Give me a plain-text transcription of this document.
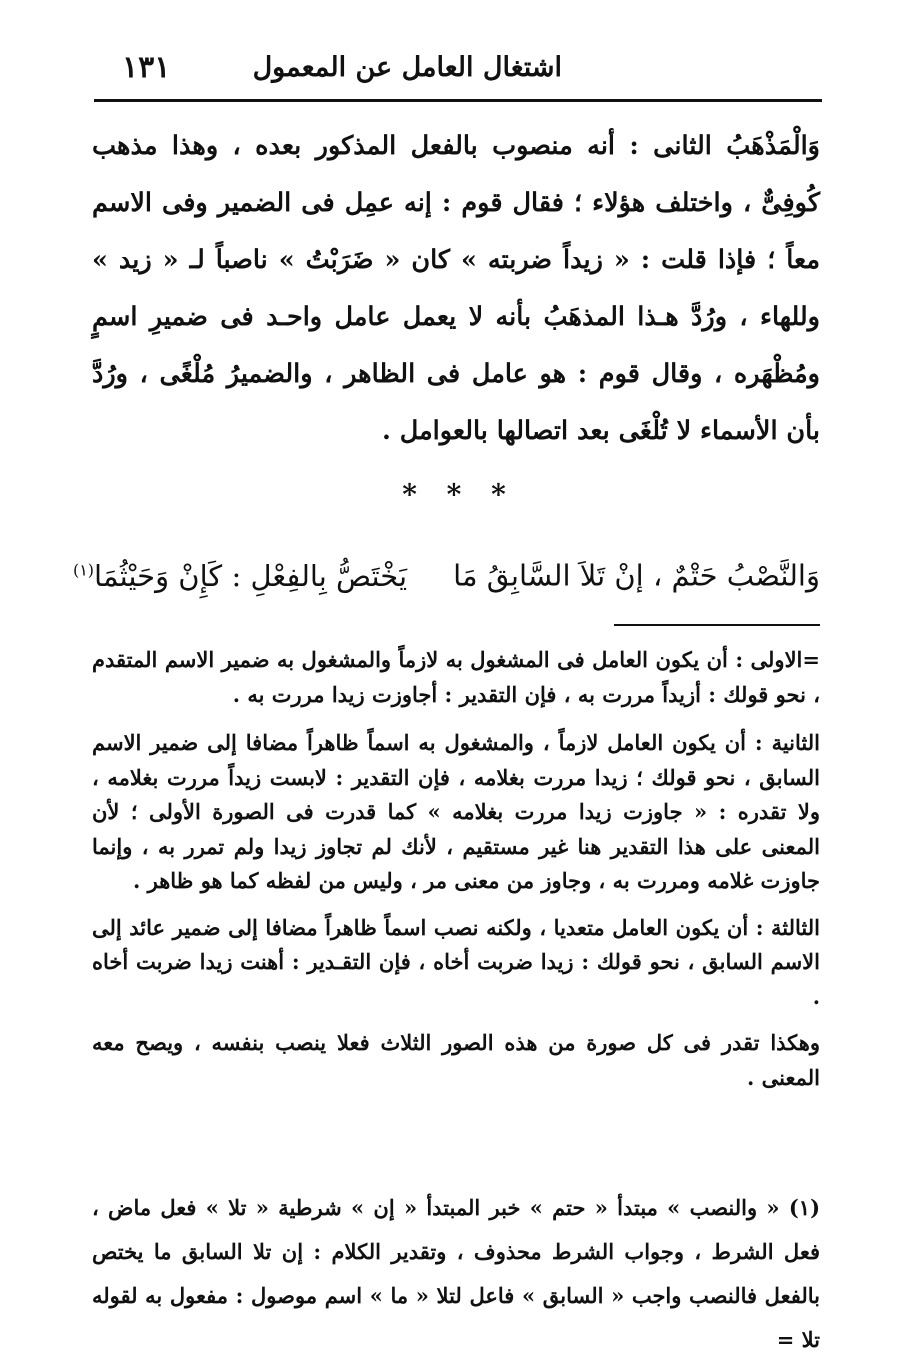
اشتغال العامل عن المعمول
١٣١

وَالْمَذْهَبُ الثانى : أنه منصوب بالفعل المذكور بعده ، وهذا مذهب كُوفِىٌّ ، واختلف هؤلاء ؛ فقال قوم : إنه عمِل فى الضمير وفى الاسم معاً ؛ فإذا قلت : « زيداً ضربته » كان « ضَرَبْتُ » ناصباً لـ « زيد » وللهاء ، ورُدَّ هـذا المذهَبُ بأنه لا يعمل عامل واحـد فى ضميرِ اسمٍ ومُظْهَره ، وقال قوم : هو عامل فى الظاهر ، والضميرُ مُلْغًى ، ورُدَّ بأن الأسماء لا تُلْغَى بعد اتصالها بالعوامل .

* * *
وَالنَّصْبُ حَتْمٌ ، إنْ تَلاَ السَّابِقُ مَايَخْتَصُّ بِالفِعْلِ : كَإِنْ وَحَيْثُمَا$^{(١)}$

=الاولى : أن يكون العامل فى المشغول به لازماً والمشغول به ضمير الاسم المتقدم ، نحو قولك : أزيداً مررت به ، فإن التقدير : أجاوزت زيدا مررت به .

الثانية : أن يكون العامل لازماً ، والمشغول به اسماً ظاهراً مضافا إلى ضمير الاسم السابق ، نحو قولك ؛ زيدا مررت بغلامه ، فإن التقدير : لابست زيداً مررت بغلامه ، ولا تقدره : « جاوزت زيدا مررت بغلامه » كما قدرت فى الصورة الأولى ؛ لأن المعنى على هذا التقدير هنا غير مستقيم ، لأنك لم تجاوز زيدا ولم تمرر به ، وإنما جاوزت غلامه ومررت به ، وجاوز من معنى مر ، وليس من لفظه كما هو ظاهر .

الثالثة : أن يكون العامل متعديا ، ولكنه نصب اسماً ظاهراً مضافا إلى ضمير عائد إلى الاسم السابق ، نحو قولك : زيدا ضربت أخاه ، فإن التقـدير : أهنت زيدا ضربت أخاه .

وهكذا تقدر فى كل صورة من هذه الصور الثلاث فعلا ينصب بنفسه ، ويصح معه المعنى .

(١) « والنصب » مبتدأ « حتم » خبر المبتدأ « إن » شرطية « تلا » فعل ماض ، فعل الشرط ، وجواب الشرط محذوف ، وتقدير الكلام : إن تلا السابق ما يختص بالفعل فالنصب واجب « السابق » فاعل لتلا « ما » اسم موصول : مفعول به لقوله تلا =
